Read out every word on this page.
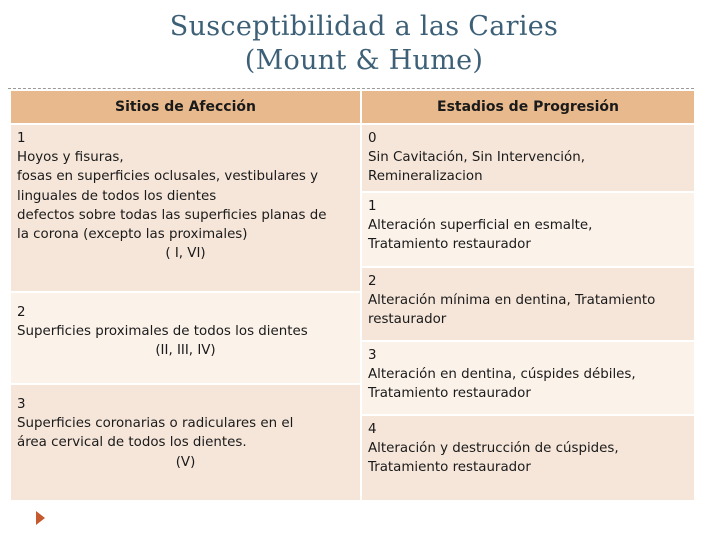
Susceptibilidad a las Caries
(Mount & Hume)
Sitios de Afección	Estadios de Progresión
1
Hoyos y fisuras,
fosas en superficies oclusales, vestibulares y
linguales de todos los dientes
defectos sobre todas las superficies planas de
la corona (excepto las proximales)
( I, VI)
2
Superficies proximales de todos los dientes
(II, III, IV)
3
Superficies coronarias o radiculares en el
área cervical de todos los dientes.
(V)
0
Sin Cavitación, Sin Intervención,
Remineralizacion
1
Alteración superficial en esmalte,
Tratamiento restaurador
2
Alteración mínima en dentina, Tratamiento
restaurador
3
Alteración en dentina, cúspides débiles,
Tratamiento restaurador
4
Alteración y destrucción de cúspides,
Tratamiento restaurador
